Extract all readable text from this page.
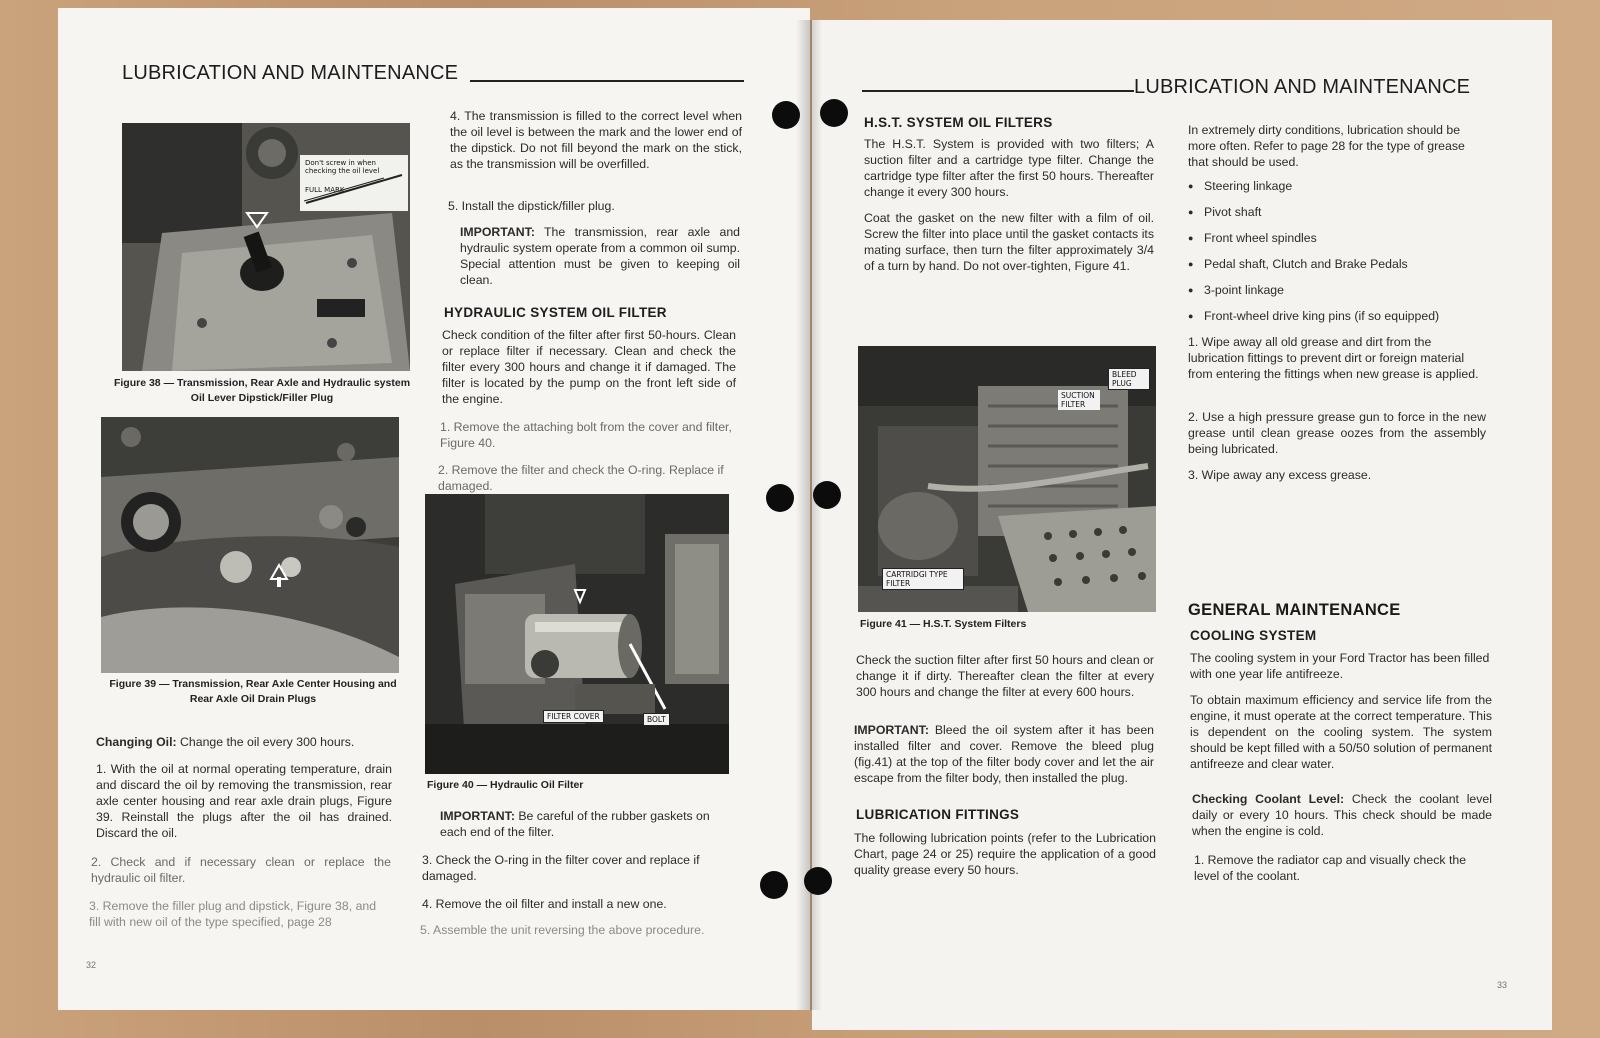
LUBRICATION AND MAINTENANCE
Don't screw in when checking the oil level
FULL MARK
Figure 38 — Transmission, Rear Axle and Hydraulic system Oil Lever Dipstick/Filler Plug
Figure 39 — Transmission, Rear Axle Center Housing and Rear Axle Oil Drain Plugs
Changing Oil: Change the oil every 300 hours.
1. With the oil at normal operating temperature, drain and discard the oil by removing the transmission, rear axle center housing and rear axle drain plugs, Figure 39. Reinstall the plugs after the oil has drained. Discard the oil.
2. Check and if necessary clean or replace the hydraulic oil filter.
3. Remove the filler plug and dipstick, Figure 38, and fill with new oil of the type specified, page 28
32
4. The transmission is filled to the correct level when the oil level is between the mark and the lower end of the dipstick. Do not fill beyond the mark on the stick, as the transmission will be overfilled.
5. Install the dipstick/filler plug.
IMPORTANT: The transmission, rear axle and hydraulic system operate from a common oil sump. Special attention must be given to keeping oil clean.
HYDRAULIC SYSTEM OIL FILTER
Check condition of the filter after first 50-hours. Clean or replace filter if necessary. Clean and check the filter every 300 hours and change it if damaged. The filter is located by the pump on the front left side of the engine.
1. Remove the attaching bolt from the cover and filter, Figure 40.
2. Remove the filter and check the O-ring. Replace if damaged.
FILTER COVER	BOLT
Figure 40 — Hydraulic Oil Filter
IMPORTANT: Be careful of the rubber gaskets on each end of the filter.
3. Check the O-ring in the filter cover and replace if damaged.
4. Remove the oil filter and install a new one.
5. Assemble the unit reversing the above procedure.
LUBRICATION AND MAINTENANCE
H.S.T. SYSTEM OIL FILTERS
The H.S.T. System is provided with two filters; A suction filter and a cartridge type filter. Change the cartridge type filter after the first 50 hours. Thereafter change it every 300 hours.
Coat the gasket on the new filter with a film of oil. Screw the filter into place until the gasket contacts its mating surface, then turn the filter approximately 3/4 of a turn by hand. Do not over-tighten, Figure 41.
SUCTION FILTER
BLEED PLUG
CARTRIDGI TYPE FILTER
Figure 41 — H.S.T. System Filters
Check the suction filter after first 50 hours and clean or change it if dirty. Thereafter clean the filter at every 300 hours and change the filter at every 600 hours.
IMPORTANT: Bleed the oil system after it has been installed filter and cover. Remove the bleed plug (fig.41) at the top of the filter body cover and let the air escape from the filter body, then installed the plug.
LUBRICATION FITTINGS
The following lubrication points (refer to the Lubrication Chart, page 24 or 25) require the application of a good quality grease every 50 hours.
In extremely dirty conditions, lubrication should be more often. Refer to page 28 for the type of grease that should be used.
● Steering linkage
● Pivot shaft
● Front wheel spindles
● Pedal shaft, Clutch and Brake Pedals
● 3-point linkage
● Front-wheel drive king pins (if so equipped)
1. Wipe away all old grease and dirt from the lubrication fittings to prevent dirt or foreign material from entering the fittings when new grease is applied.
2. Use a high pressure grease gun to force in the new grease until clean grease oozes from the assembly being lubricated.
3. Wipe away any excess grease.
GENERAL MAINTENANCE
COOLING SYSTEM
The cooling system in your Ford Tractor has been filled with one year life antifreeze.
To obtain maximum efficiency and service life from the engine, it must operate at the correct temperature. This is dependent on the cooling system. The system should be kept filled with a 50/50 solution of permanent antifreeze and clear water.
Checking Coolant Level: Check the coolant level daily or every 10 hours. This check should be made when the engine is cold.
1. Remove the radiator cap and visually check the level of the coolant.
33
